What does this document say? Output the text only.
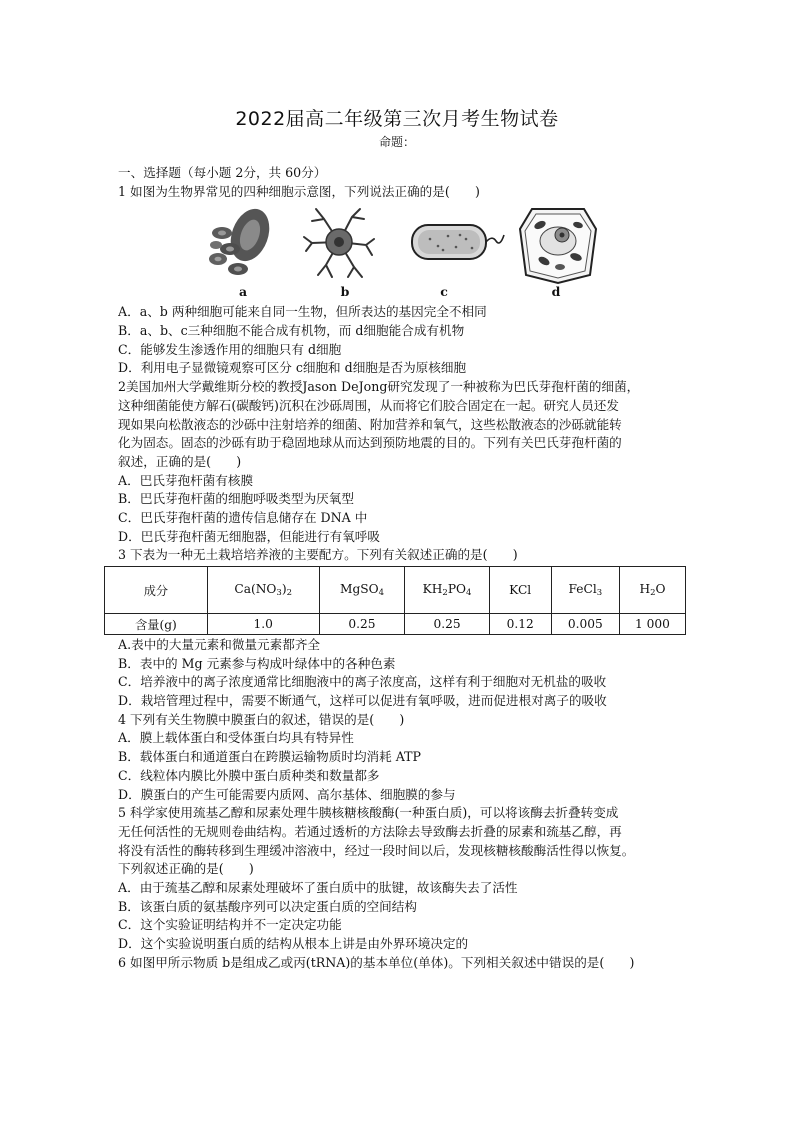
2022届高二年级第三次月考生物试卷
命题：
一、选择题（每小题 2分，共 60分）
1 如图为生物界常见的四种细胞示意图，下列说法正确的是(　　)
a	b	c	d
A．a、b 两种细胞可能来自同一生物，但所表达的基因完全不相同
B．a、b、c三种细胞不能合成有机物，而 d细胞能合成有机物
C．能够发生渗透作用的细胞只有 d细胞
D．利用电子显微镜观察可区分 c细胞和 d细胞是否为原核细胞
2美国加州大学戴维斯分校的教授Jason DeJong研究发现了一种被称为巴氏芽孢杆菌的细菌，
这种细菌能使方解石(碳酸钙)沉积在沙砾周围，从而将它们胶合固定在一起。研究人员还发
现如果向松散液态的沙砾中注射培养的细菌、附加营养和氧气，这些松散液态的沙砾就能转
化为固态。固态的沙砾有助于稳固地球从而达到预防地震的目的。下列有关巴氏芽孢杆菌的
叙述，正确的是(　　)
A．巴氏芽孢杆菌有核膜
B．巴氏芽孢杆菌的细胞呼吸类型为厌氧型
C．巴氏芽孢杆菌的遗传信息储存在 DNA 中
D．巴氏芽孢杆菌无细胞器，但能进行有氧呼吸
3 下表为一种无土栽培培养液的主要配方。下列有关叙述正确的是(　　)
成分	$Ca(NO_3)_2$	MgSO$_4$	$KH_2PO_4$	KCl	FeCl$_3$	$H_2O$
含量(g)	1.0	0.25	0.25	0.12	0.005	1 000
A.表中的大量元素和微量元素都齐全
B．表中的 Mg 元素参与构成叶绿体中的各种色素
C．培养液中的离子浓度通常比细胞液中的离子浓度高，这样有利于细胞对无机盐的吸收
D．栽培管理过程中，需要不断通气，这样可以促进有氧呼吸，进而促进根对离子的吸收
4 下列有关生物膜中膜蛋白的叙述，错误的是(　　)
A．膜上载体蛋白和受体蛋白均具有特异性
B．载体蛋白和通道蛋白在跨膜运输物质时均消耗 ATP
C．线粒体内膜比外膜中蛋白质种类和数量都多
D．膜蛋白的产生可能需要内质网、高尔基体、细胞膜的参与
5 科学家使用巯基乙醇和尿素处理牛胰核糖核酸酶(一种蛋白质)，可以将该酶去折叠转变成
无任何活性的无规则卷曲结构。若通过透析的方法除去导致酶去折叠的尿素和巯基乙醇，再
将没有活性的酶转移到生理缓冲溶液中，经过一段时间以后，发现核糖核酸酶活性得以恢复。
下列叙述正确的是(　　)
A．由于巯基乙醇和尿素处理破坏了蛋白质中的肽键，故该酶失去了活性
B．该蛋白质的氨基酸序列可以决定蛋白质的空间结构
C．这个实验证明结构并不一定决定功能
D．这个实验说明蛋白质的结构从根本上讲是由外界环境决定的
6 如图甲所示物质 b是组成乙或丙(tRNA)的基本单位(单体)。下列相关叙述中错误的是(　　)
